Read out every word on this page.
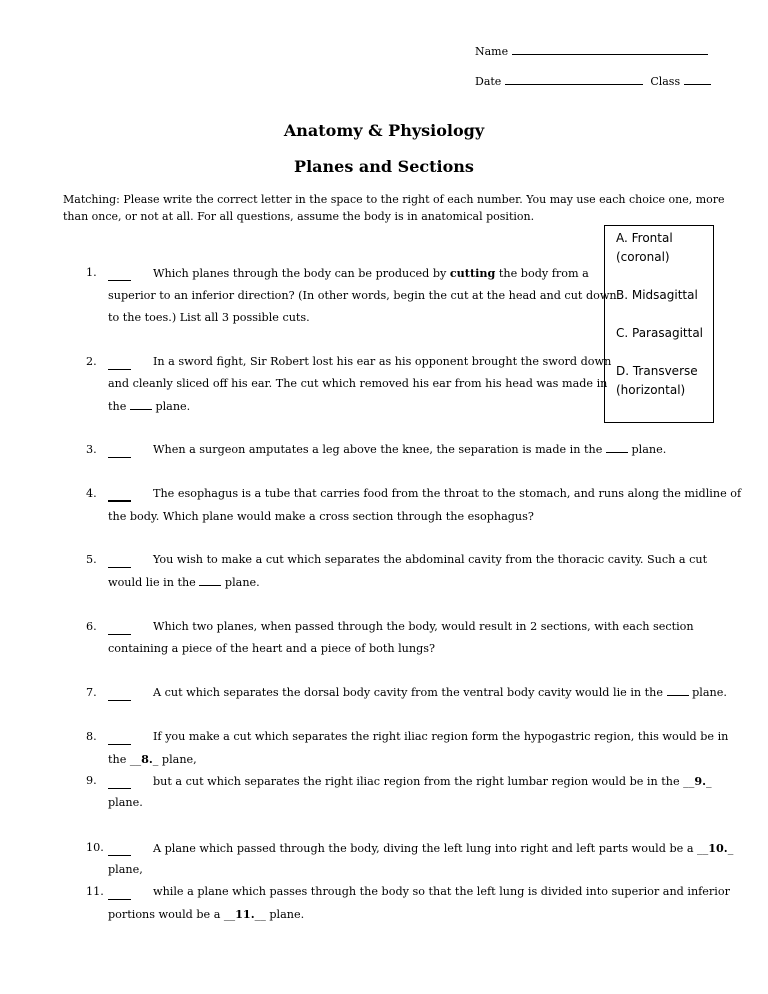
Name
Date	Class
Anatomy & Physiology
Planes and Sections
Matching: Please write the correct letter in the space to the right of each number. You may use each choice one, more
than once, or not at all. For all questions, assume the body is in anatomical position.
A. Frontal
(coronal)
B. Midsagittal
C. Parasagittal
D. Transverse
(horizontal)
1.	Which planes through the body can be produced by cutting the body from a
superior to an inferior direction? (In other words, begin the cut at the head and cut down
to the toes.) List all 3 possible cuts.
2.	In a sword fight, Sir Robert lost his ear as his opponent brought the sword down
and cleanly sliced off his ear. The cut which removed his ear from his head was made in
the  plane.
3.	When a surgeon amputates a leg above the knee, the separation is made in the  plane.
4.	The esophagus is a tube that carries food from the throat to the stomach, and runs along the midline of
the body. Which plane would make a cross section through the esophagus?
5.	You wish to make a cut which separates the abdominal cavity from the thoracic cavity. Such a cut
would lie in the  plane.
6.	Which two planes, when passed through the body, would result in 2 sections, with each section
containing a piece of the heart and a piece of both lungs?
7.	A cut which separates the dorsal body cavity from the ventral body cavity would lie in the  plane.
8.	If you make a cut which separates the right iliac region form the hypogastric region, this would be in
the __8._ plane,
9.	but a cut which separates the right iliac region from the right lumbar region would be in the __9._
plane.
10.	A plane which passed through the body, diving the left lung into right and left parts would be a __10._
plane,
11.	while a plane which passes through the body so that the left lung is divided into superior and inferior
portions would be a __11.__ plane.
